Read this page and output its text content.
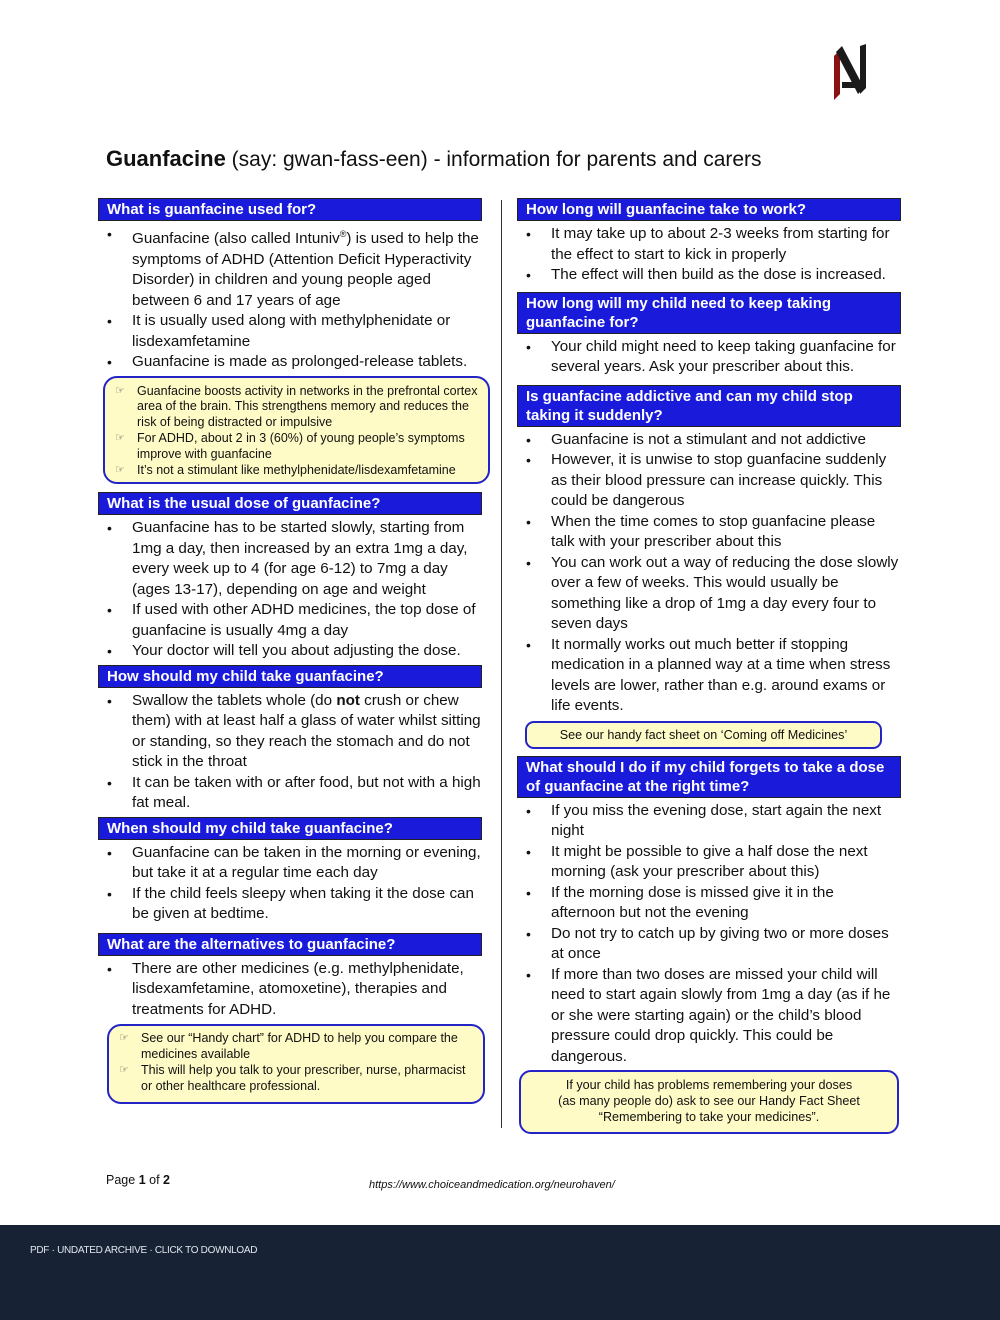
Guanfacine (say: gwan-fass-een) - information for parents and carers
What is guanfacine used for?
• Guanfacine (also called Intuniv®) is used to help the symptoms of ADHD (Attention Deficit Hyperactivity Disorder) in children and young people aged between 6 and 17 years of age
• It is usually used along with methylphenidate or lisdexamfetamine
• Guanfacine is made as prolonged-release tablets.
☞ Guanfacine boosts activity in networks in the prefrontal cortex area of the brain. This strengthens memory and reduces the risk of being distracted or impulsive
☞ For ADHD, about 2 in 3 (60%) of young people’s symptoms improve with guanfacine
☞ It’s not a stimulant like methylphenidate/lisdexamfetamine
What is the usual dose of guanfacine?
• Guanfacine has to be started slowly, starting from 1mg a day, then increased by an extra 1mg a day, every week up to 4 (for age 6-12) to 7mg a day (ages 13-17), depending on age and weight
• If used with other ADHD medicines, the top dose of guanfacine is usually 4mg a day
• Your doctor will tell you about adjusting the dose.
How should my child take guanfacine?
• Swallow the tablets whole (do not crush or chew them) with at least half a glass of water whilst sitting or standing, so they reach the stomach and do not stick in the throat
• It can be taken with or after food, but not with a high fat meal.
When should my child take guanfacine?
• Guanfacine can be taken in the morning or evening, but take it at a regular time each day
• If the child feels sleepy when taking it the dose can be given at bedtime.
What are the alternatives to guanfacine?
• There are other medicines (e.g. methylphenidate, lisdexamfetamine, atomoxetine), therapies and treatments for ADHD.
☞ See our “Handy chart” for ADHD to help you compare the medicines available
☞ This will help you talk to your prescriber, nurse, pharmacist or other healthcare professional.
How long will guanfacine take to work?
• It may take up to about 2-3 weeks from starting for the effect to start to kick in properly
• The effect will then build as the dose is increased.
How long will my child need to keep taking guanfacine for?
• Your child might need to keep taking guanfacine for several years. Ask your prescriber about this.
Is guanfacine addictive and can my child stop taking it suddenly?
• Guanfacine is not a stimulant and not addictive
• However, it is unwise to stop guanfacine suddenly as their blood pressure can increase quickly. This could be dangerous
• When the time comes to stop guanfacine please talk with your prescriber about this
• You can work out a way of reducing the dose slowly over a few of weeks. This would usually be something like a drop of 1mg a day every four to seven days
• It normally works out much better if stopping medication in a planned way at a time when stress levels are lower, rather than e.g. around exams or life events.
See our handy fact sheet on ‘Coming off Medicines’
What should I do if my child forgets to take a dose of guanfacine at the right time?
• If you miss the evening dose, start again the next night
• It might be possible to give a half dose the next morning (ask your prescriber about this)
• If the morning dose is missed give it in the afternoon but not the evening
• Do not try to catch up by giving two or more doses at once
• If more than two doses are missed your child will need to start again slowly from 1mg a day (as if he or she were starting again) or the child’s blood pressure could drop quickly. This could be dangerous.
If your child has problems remembering your doses
(as many people do) ask to see our Handy Fact Sheet
“Remembering to take your medicines”.
Page 1 of 2	https://www.choiceandmedication.org/neurohaven/
PDF · UNDATED ARCHIVE · CLICK TO DOWNLOAD
